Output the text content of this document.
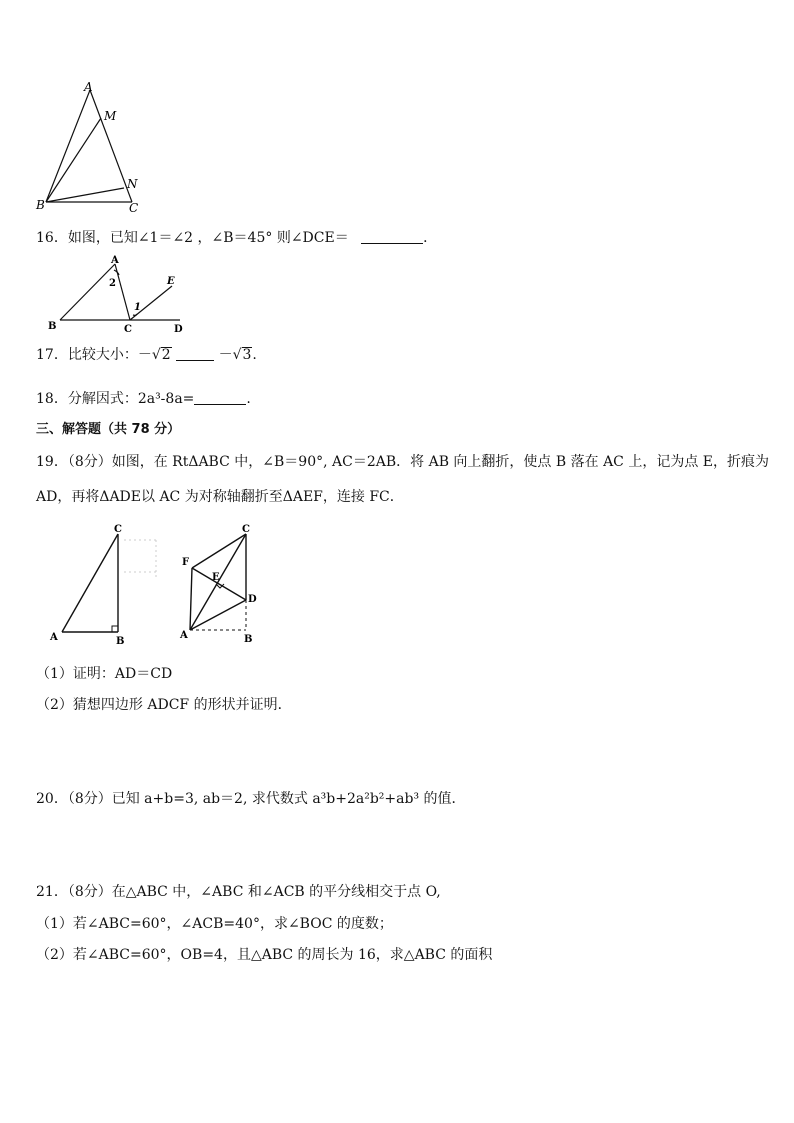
A
M
N
B	C
16．如图，已知∠1＝∠2 ，∠B＝45° 则∠DCE＝	．
A
E
2
1
B	C	D
17．比较大小：－√2	－√3.
18．分解因式：2a³-8a=	.
三、解答题（共 78 分）
19．（8分）如图，在 RtΔABC 中，∠B＝90°, AC＝2AB．将 AB 向上翻折，使点 B 落在 AC 上，记为点 E，折痕为
AD，再将ΔADE以 AC 为对称轴翻折至ΔAEF，连接 FC．
C
A	B
C
F
E
D
A	B
（1）证明：AD＝CD
（2）猜想四边形 ADCF 的形状并证明．
20．（8分）已知 a+b=3, ab＝2, 求代数式 a³b+2a²b²+ab³ 的值．
21．（8分）在△ABC 中，∠ABC 和∠ACB 的平分线相交于点 O,
（1）若∠ABC=60°，∠ACB=40°，求∠BOC 的度数；
（2）若∠ABC=60°，OB=4，且△ABC 的周长为 16，求△ABC 的面积
